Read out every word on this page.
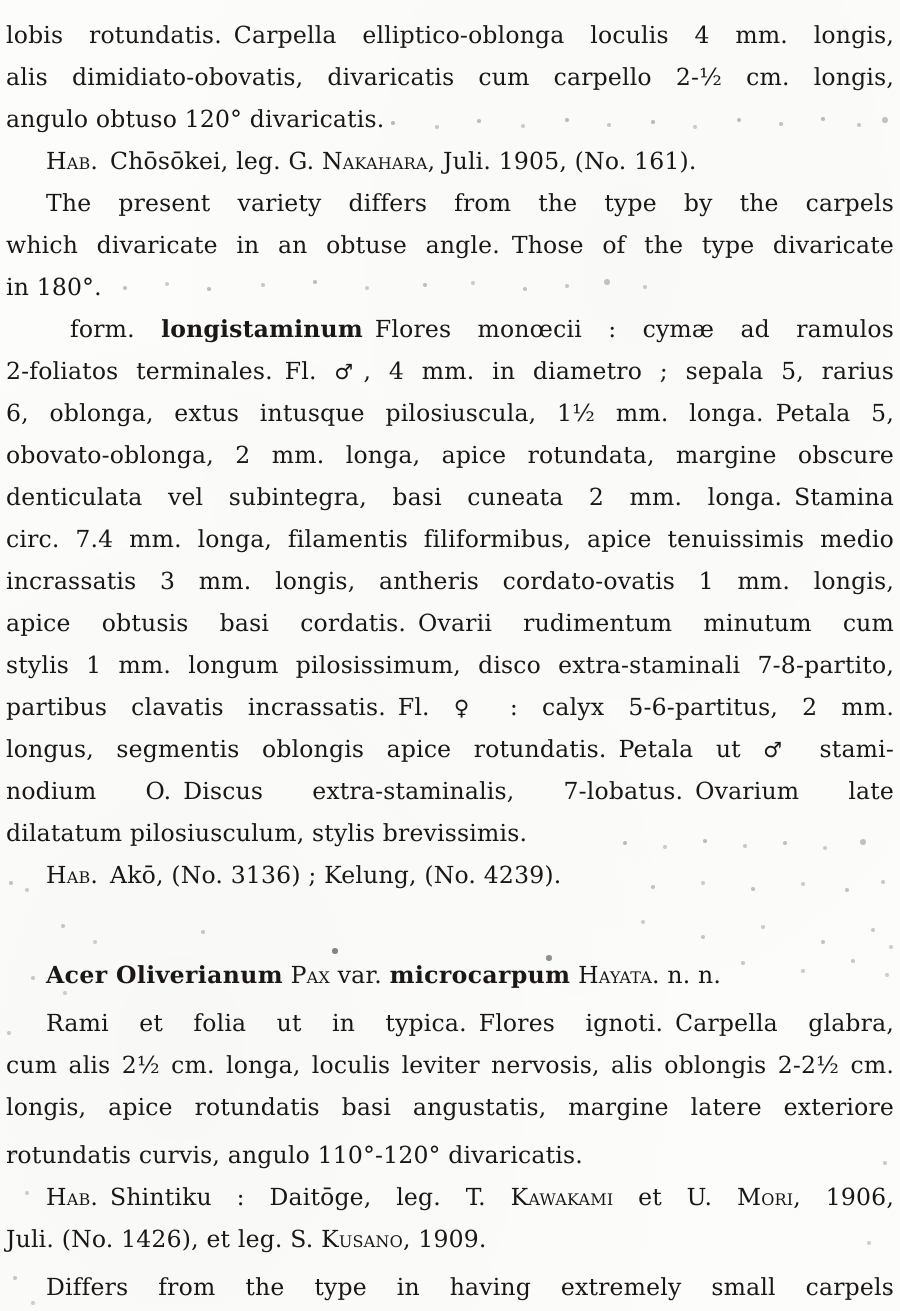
lobis rotundatis. Carpella elliptico-oblonga loculis 4 mm. longis,
alis dimidiato-obovatis, divaricatis cum carpello 2-½ cm. longis,
angulo obtuso 120° divaricatis.
Hab. Chōsōkei, leg. G. Nakahara, Juli. 1905, (No. 161).
The present variety differs from the type by the carpels
which divaricate in an obtuse angle. Those of the type divaricate
in 180°.
form. longistaminum Flores monœcii : cymæ ad ramulos
2-foliatos terminales. Fl. ♂, 4 mm. in diametro ; sepala 5, rarius
6, oblonga, extus intusque pilosiuscula, 1½ mm. longa. Petala 5,
obovato-oblonga, 2 mm. longa, apice rotundata, margine obscure
denticulata vel subintegra, basi cuneata 2 mm. longa. Stamina
circ. 7.4 mm. longa, filamentis filiformibus, apice tenuissimis medio
incrassatis 3 mm. longis, antheris cordato-ovatis 1 mm. longis,
apice obtusis basi cordatis. Ovarii rudimentum minutum cum
stylis 1 mm. longum pilosissimum, disco extra-staminali 7-8-partito,
partibus clavatis incrassatis. Fl. ♀ : calyx 5-6-partitus, 2 mm.
longus, segmentis oblongis apice rotundatis. Petala ut ♂ stami-
nodium O. Discus extra-staminalis, 7-lobatus. Ovarium late
dilatatum pilosiusculum, stylis brevissimis.
Hab. Akō, (No. 3136) ; Kelung, (No. 4239).
Acer Oliverianum Pax var. microcarpum Hayata. n. n.
Rami et folia ut in typica. Flores ignoti. Carpella glabra,
cum alis 2½ cm. longa, loculis leviter nervosis, alis oblongis 2-2½ cm.
longis, apice rotundatis basi angustatis, margine latere exteriore
rotundatis curvis, angulo 110°-120° divaricatis.
Hab. Shintiku : Daitōge, leg. T. Kawakami et U. Mori, 1906,
Juli. (No. 1426), et leg. S. Kusano, 1909.
Differs from the type in having extremely small carpels
